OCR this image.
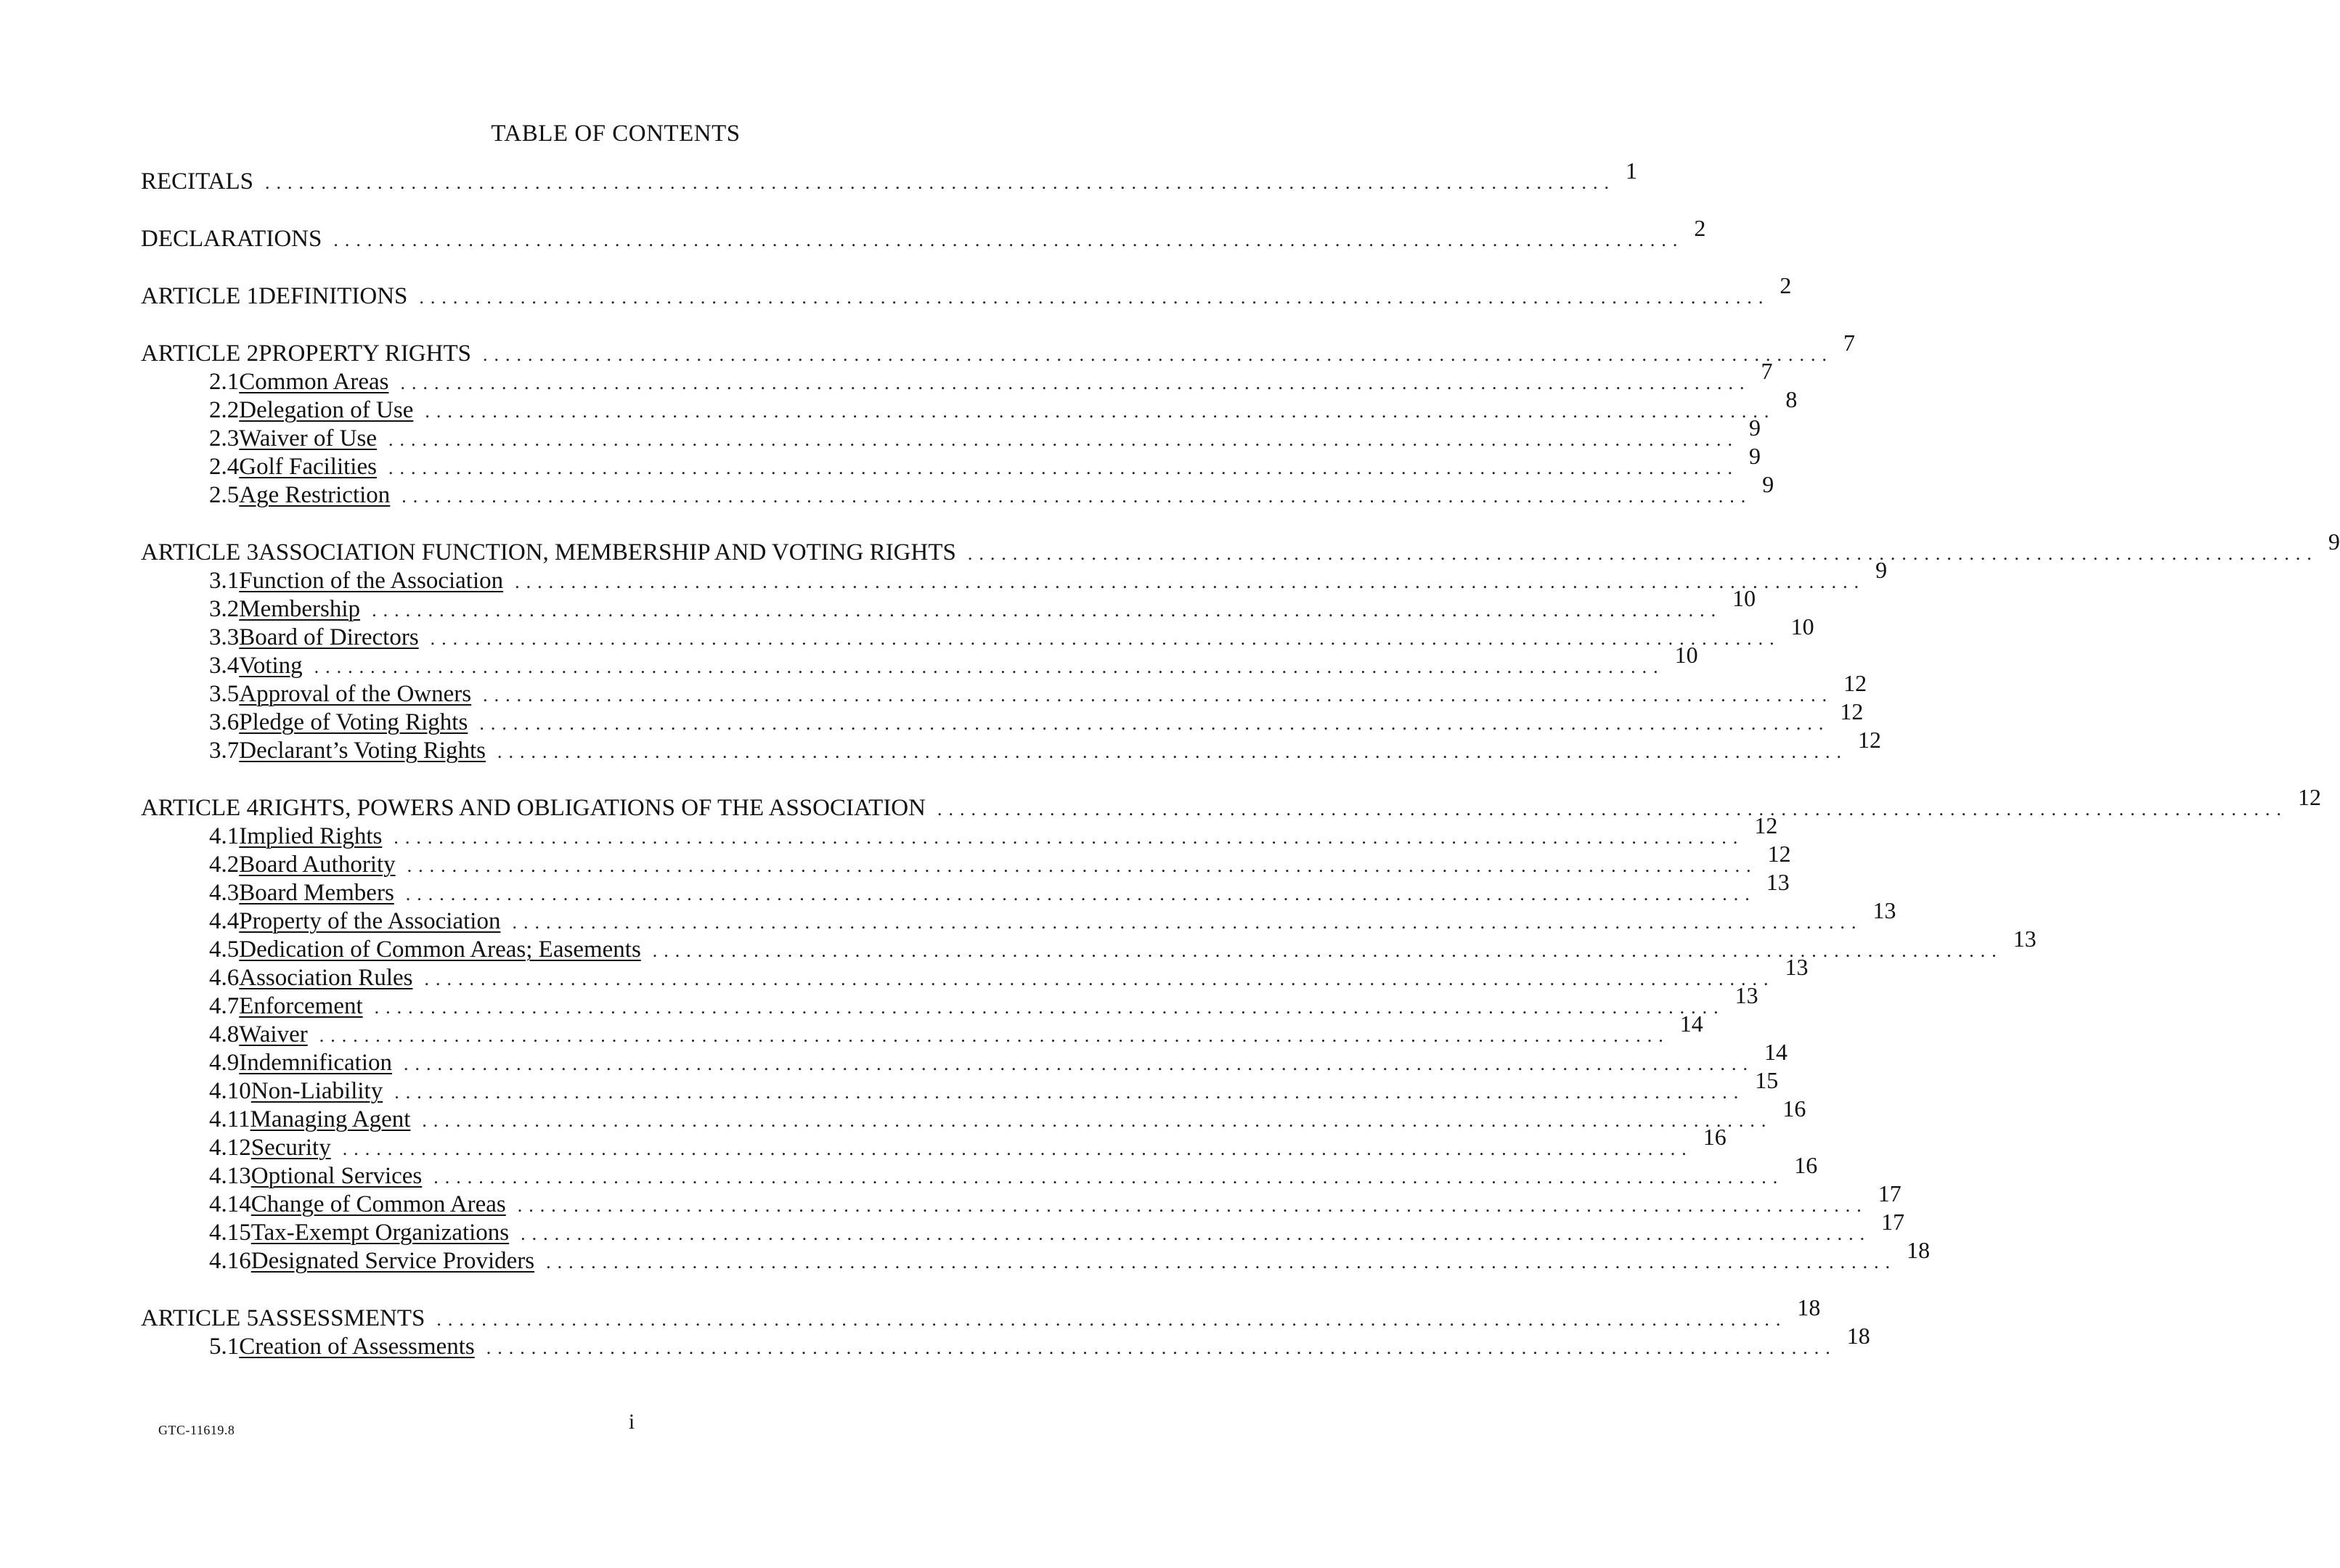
TABLE OF CONTENTS
RECITALS ........................................................................................................................ 1
DECLARATIONS ........................................................................................................................ 2
ARTICLE 1 DEFINITIONS ........................................................................................................................ 2
ARTICLE 2 PROPERTY RIGHTS ........................................................................................................................ 7
2.1 Common Areas ........................................................................................................................ 7
2.2 Delegation of Use ........................................................................................................................ 8
2.3 Waiver of Use ........................................................................................................................ 9
2.4 Golf Facilities ........................................................................................................................ 9
2.5 Age Restriction ........................................................................................................................ 9
ARTICLE 3 ASSOCIATION FUNCTION, MEMBERSHIP AND VOTING RIGHTS ........................................................................................................................ 9
3.1 Function of the Association ........................................................................................................................ 9
3.2 Membership ........................................................................................................................ 10
3.3 Board of Directors ........................................................................................................................ 10
3.4 Voting ........................................................................................................................ 10
3.5 Approval of the Owners ........................................................................................................................ 12
3.6 Pledge of Voting Rights ........................................................................................................................ 12
3.7 Declarant’s Voting Rights ........................................................................................................................ 12
ARTICLE 4 RIGHTS, POWERS AND OBLIGATIONS OF THE ASSOCIATION ........................................................................................................................ 12
4.1 Implied Rights ........................................................................................................................ 12
4.2 Board Authority ........................................................................................................................ 12
4.3 Board Members ........................................................................................................................ 13
4.4 Property of the Association ........................................................................................................................ 13
4.5 Dedication of Common Areas; Easements ........................................................................................................................ 13
4.6 Association Rules ........................................................................................................................ 13
4.7 Enforcement ........................................................................................................................ 13
4.8 Waiver ........................................................................................................................ 14
4.9 Indemnification ........................................................................................................................ 14
4.10 Non-Liability ........................................................................................................................ 15
4.11 Managing Agent ........................................................................................................................ 16
4.12 Security ........................................................................................................................ 16
4.13 Optional Services ........................................................................................................................ 16
4.14 Change of Common Areas ........................................................................................................................ 17
4.15 Tax-Exempt Organizations ........................................................................................................................ 17
4.16 Designated Service Providers ........................................................................................................................ 18
ARTICLE 5 ASSESSMENTS ........................................................................................................................ 18
5.1 Creation of Assessments ........................................................................................................................ 18
GTC-11619.8	i
